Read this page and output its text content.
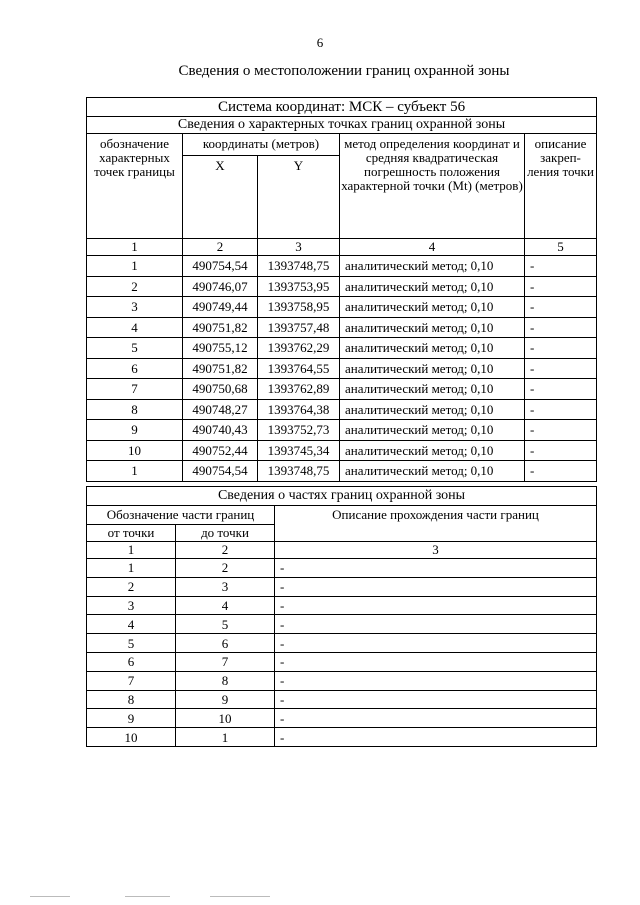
6
Сведения о местоположении границ охранной зоны
Система координат: МСК – субъект 56				
Сведения о характерных точках границ охранной зоны				
обозначение характерных точек границы	координаты (метров)		метод определения координат и средняя квадратическая погрешность положения характерной точки (Mt) (метров)	описание закреп-ления точки
	X	Y		
1	2	3	4	5
1	490754,54	1393748,75	аналитический метод; 0,10	-
2	490746,07	1393753,95	аналитический метод; 0,10	-
3	490749,44	1393758,95	аналитический метод; 0,10	-
4	490751,82	1393757,48	аналитический метод; 0,10	-
5	490755,12	1393762,29	аналитический метод; 0,10	-
6	490751,82	1393764,55	аналитический метод; 0,10	-
7	490750,68	1393762,89	аналитический метод; 0,10	-
8	490748,27	1393764,38	аналитический метод; 0,10	-
9	490740,43	1393752,73	аналитический метод; 0,10	-
10	490752,44	1393745,34	аналитический метод; 0,10	-
1	490754,54	1393748,75	аналитический метод; 0,10	-
Сведения о частях границ охранной зоны		
Обозначение части границ		Описание прохождения части границ
от точки	до точки	
1	2	3
1	2	-
2	3	-
3	4	-
4	5	-
5	6	-
6	7	-
7	8	-
8	9	-
9	10	-
10	1	-
